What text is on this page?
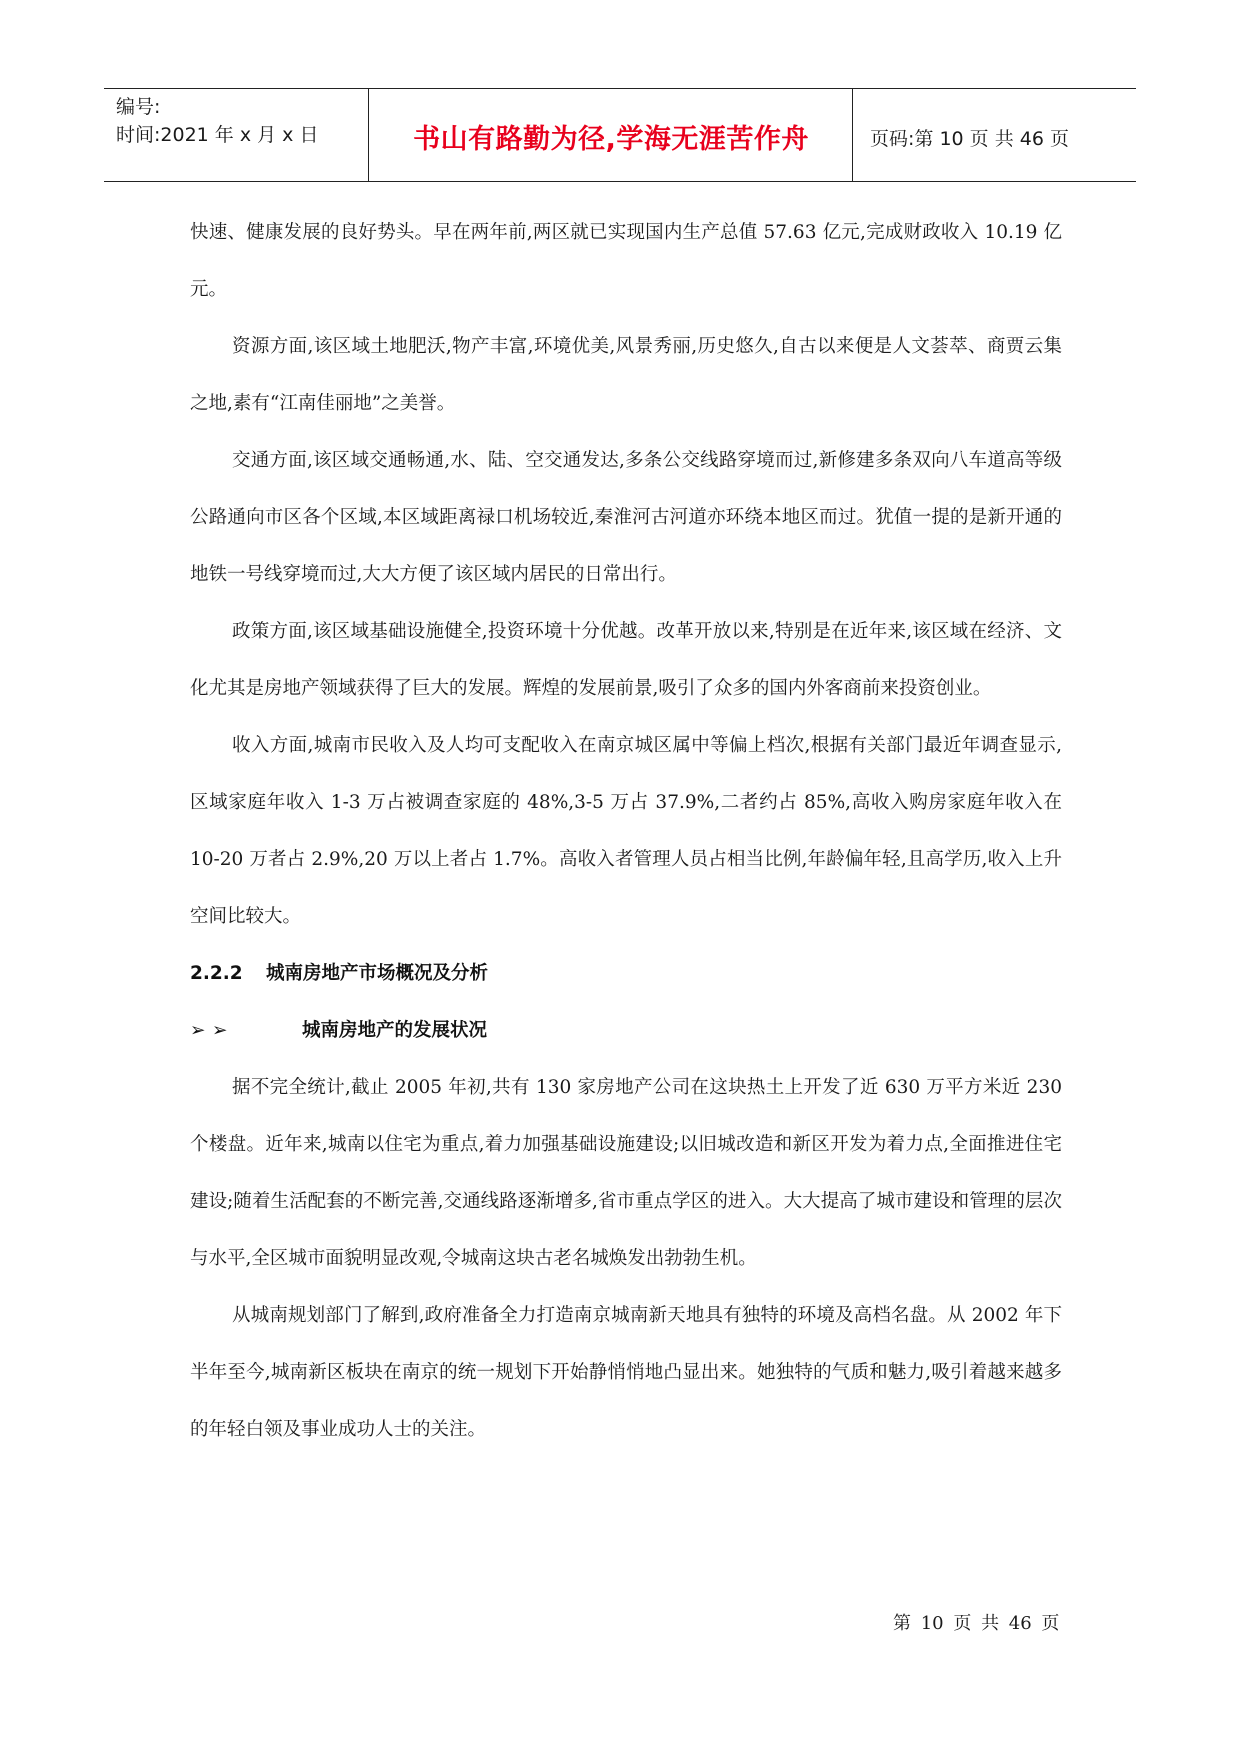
编号:
时间:2021 年 x 月 x 日	书山有路勤为径,学海无涯苦作舟	页码:第 10 页 共 46 页

快速、健康发展的良好势头。早在两年前,两区就已实现国内生产总值 57.63 亿元,完成财政收入 10.19 亿元。

资源方面,该区域土地肥沃,物产丰富,环境优美,风景秀丽,历史悠久,自古以来便是人文荟萃、商贾云集之地,素有“江南佳丽地”之美誉。

交通方面,该区域交通畅通,水、陆、空交通发达,多条公交线路穿境而过,新修建多条双向八车道高等级公路通向市区各个区域,本区域距离禄口机场较近,秦淮河古河道亦环绕本地区而过。犹值一提的是新开通的地铁一号线穿境而过,大大方便了该区域内居民的日常出行。

政策方面,该区域基础设施健全,投资环境十分优越。改革开放以来,特别是在近年来,该区域在经济、文化尤其是房地产领域获得了巨大的发展。辉煌的发展前景,吸引了众多的国内外客商前来投资创业。

收入方面,城南市民收入及人均可支配收入在南京城区属中等偏上档次,根据有关部门最近年调查显示,区域家庭年收入 1-3 万占被调查家庭的 48%,3-5 万占 37.9%,二者约占 85%,高收入购房家庭年收入在 10-20 万者占 2.9%,20 万以上者占 1.7%。高收入者管理人员占相当比例,年龄偏年轻,且高学历,收入上升空间比较大。

2.2.2 城南房地产市场概况及分析
➢ ➢	城南房地产的发展状况

据不完全统计,截止 2005 年初,共有 130 家房地产公司在这块热土上开发了近 630 万平方米近 230 个楼盘。近年来,城南以住宅为重点,着力加强基础设施建设;以旧城改造和新区开发为着力点,全面推进住宅建设;随着生活配套的不断完善,交通线路逐渐增多,省市重点学区的进入。大大提高了城市建设和管理的层次与水平,全区城市面貌明显改观,令城南这块古老名城焕发出勃勃生机。

从城南规划部门了解到,政府准备全力打造南京城南新天地具有独特的环境及高档名盘。从 2002 年下半年至今,城南新区板块在南京的统一规划下开始静悄悄地凸显出来。她独特的气质和魅力,吸引着越来越多的年轻白领及事业成功人士的关注。

第 10 页 共 46 页
